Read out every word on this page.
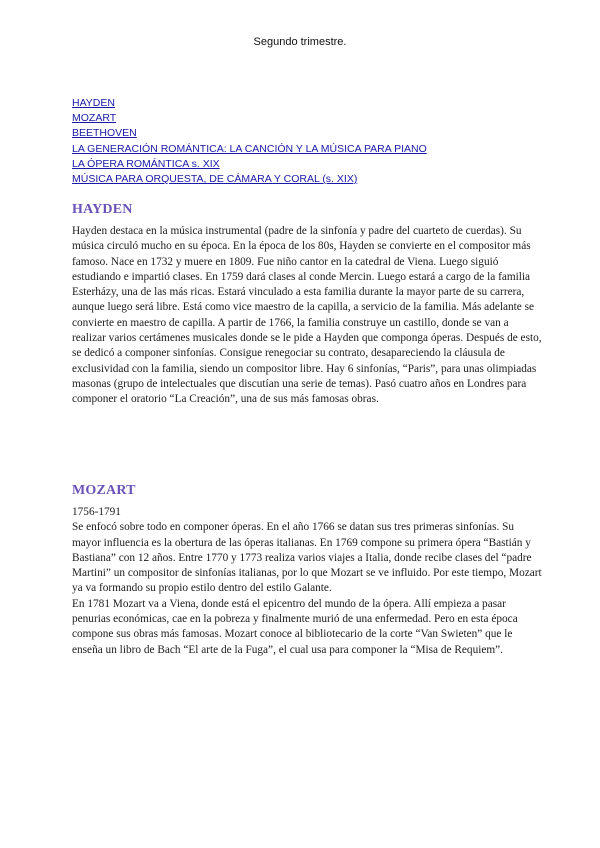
Segundo trimestre.
HAYDEN
MOZART
BEETHOVEN
LA GENERACIÓN ROMÁNTICA: LA CANCIÓN Y LA MÚSICA PARA PIANO
LA ÓPERA ROMÁNTICA s. XIX
MÚSICA PARA ORQUESTA, DE CÁMARA Y CORAL (s. XIX)
HAYDEN

Hayden destaca en la música instrumental (padre de la sinfonía y padre del cuarteto de cuerdas). Su música circuló mucho en su época. En la época de los 80s, Hayden se convierte en el compositor más famoso. Nace en 1732 y muere en 1809. Fue niño cantor en la catedral de Viena. Luego siguió estudiando e impartió clases. En 1759 dará clases al conde Mercin. Luego estará a cargo de la familia Esterházy, una de las más ricas. Estará vinculado a esta familia durante la mayor parte de su carrera, aunque luego será libre. Está como vice maestro de la capilla, a servicio de la familia. Más adelante se convierte en maestro de capilla. A partir de 1766, la familia construye un castillo, donde se van a realizar varios certámenes musicales donde se le pide a Hayden que componga óperas. Después de esto, se dedicó a componer sinfonías. Consigue renegociar su contrato, desapareciendo la cláusula de exclusividad con la familia, siendo un compositor libre. Hay 6 sinfonías, “Paris”, para unas olimpiadas masonas (grupo de intelectuales que discutían una serie de temas). Pasó cuatro años en Londres para componer el oratorio “La Creación”, una de sus más famosas obras.

MOZART

1756-1791

Se enfocó sobre todo en componer óperas. En el año 1766 se datan sus tres primeras sinfonías. Su mayor influencia es la obertura de las óperas italianas. En 1769 compone su primera ópera “Bastián y Bastiana” con 12 años. Entre 1770 y 1773 realiza varios viajes a Italia, donde recibe clases del “padre Martini” un compositor de sinfonías italianas, por lo que Mozart se ve influido. Por este tiempo, Mozart ya va formando su propio estilo dentro del estilo Galante.

En 1781 Mozart va a Viena, donde está el epicentro del mundo de la ópera. Allí empieza a pasar penurias económicas, cae en la pobreza y finalmente murió de una enfermedad. Pero en esta época compone sus obras más famosas. Mozart conoce al bibliotecario de la corte “Van Swieten” que le enseña un libro de Bach “El arte de la Fuga”, el cual usa para componer la “Misa de Requiem”.
